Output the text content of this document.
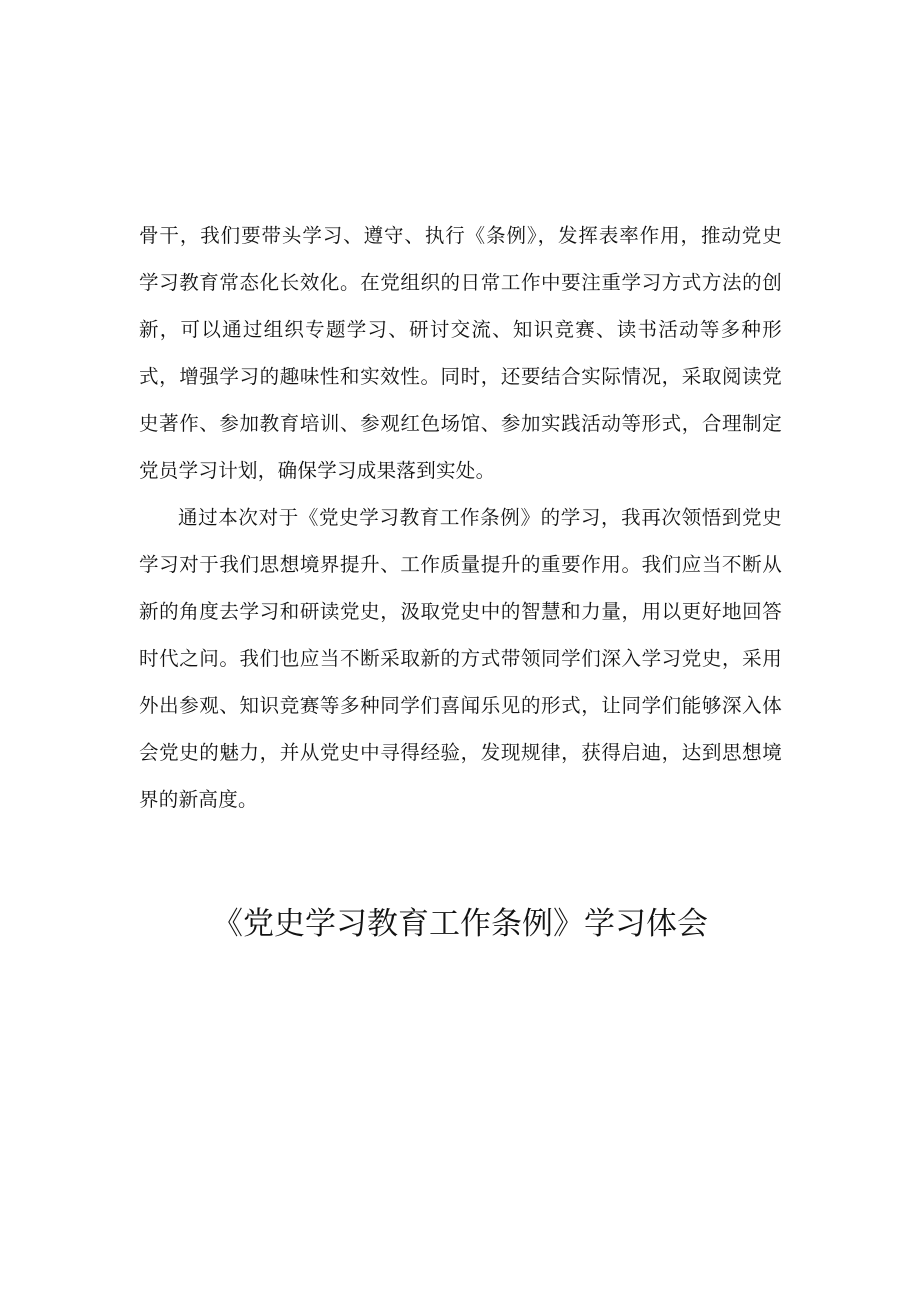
骨干，我们要带头学习、遵守、执行《条例》，发挥表率作用，推动党史学习教育常态化长效化。在党组织的日常工作中要注重学习方式方法的创新，可以通过组织专题学习、研讨交流、知识竞赛、读书活动等多种形式，增强学习的趣味性和实效性。同时，还要结合实际情况，采取阅读党史著作、参加教育培训、参观红色场馆、参加实践活动等形式，合理制定党员学习计划，确保学习成果落到实处。

通过本次对于《党史学习教育工作条例》的学习，我再次领悟到党史学习对于我们思想境界提升、工作质量提升的重要作用。我们应当不断从新的角度去学习和研读党史，汲取党史中的智慧和力量，用以更好地回答时代之问。我们也应当不断采取新的方式带领同学们深入学习党史，采用外出参观、知识竞赛等多种同学们喜闻乐见的形式，让同学们能够深入体会党史的魅力，并从党史中寻得经验，发现规律，获得启迪，达到思想境界的新高度。

《党史学习教育工作条例》学习体会
